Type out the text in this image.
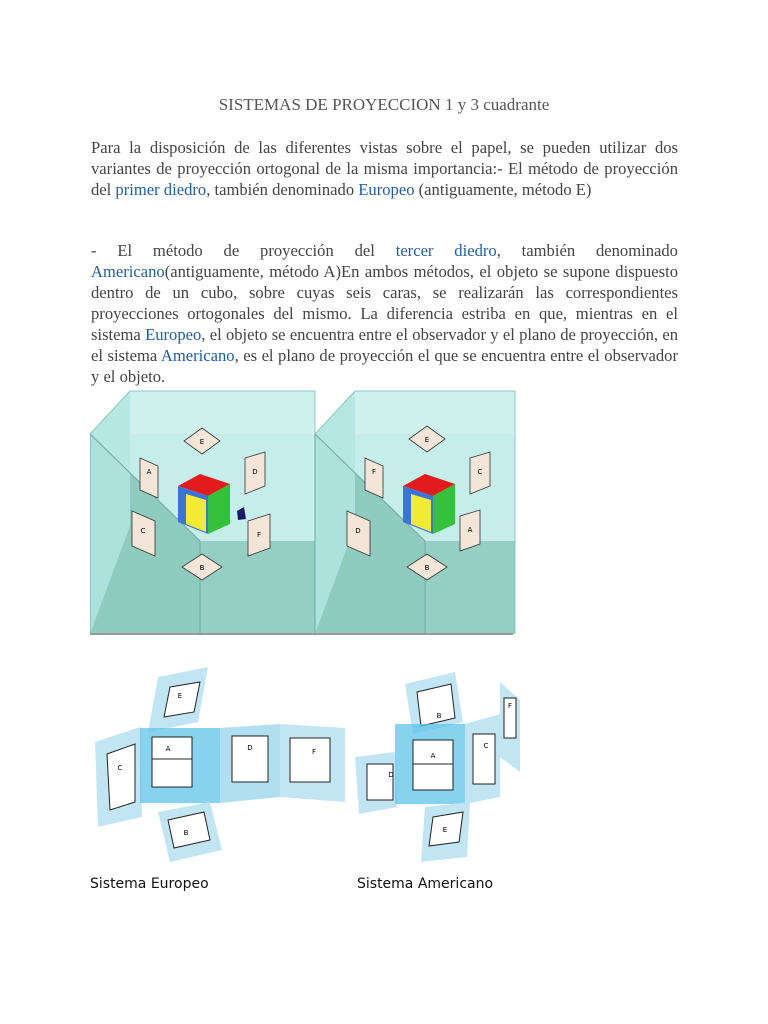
SISTEMAS DE PROYECCION 1 y 3 cuadrante

Para la disposición de las diferentes vistas sobre el papel, se pueden utilizar dos variantes de proyección ortogonal de la misma importancia:- El método de proyección del primer diedro, también denominado Europeo (antiguamente, método E)

- El método de proyección del tercer diedro, también denominado Americano(antiguamente, método A)En ambos métodos, el objeto se supone dispuesto dentro de un cubo, sobre cuyas seis caras, se realizarán las correspondientes proyecciones ortogonales del mismo. La diferencia estriba en que, mientras en el sistema Europeo, el objeto se encuentra entre el observador y el plano de proyección, en el sistema Americano, es el plano de proyección el que se encuentra entre el observador y el objeto.

E
A	D
C	F
B
E
F	C
D	A
B
E
C
A	D	F
B
B
D
A
C
F
E
Sistema Europeo	Sistema Americano
